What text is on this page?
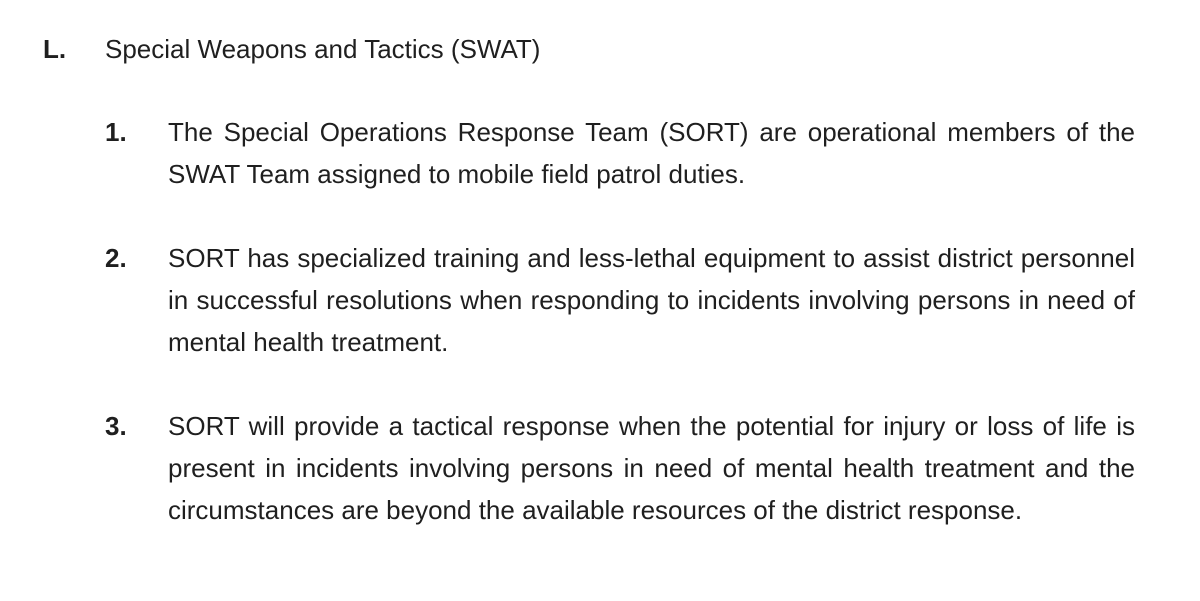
L.	Special Weapons and Tactics (SWAT)
1. The Special Operations Response Team (SORT) are operational members of the SWAT Team assigned to mobile field patrol duties.

2. SORT has specialized training and less-lethal equipment to assist district personnel in successful resolutions when responding to incidents involving persons in need of mental health treatment.

3. SORT will provide a tactical response when the potential for injury or loss of life is present in incidents involving persons in need of mental health treatment and the circumstances are beyond the available resources of the district response.
